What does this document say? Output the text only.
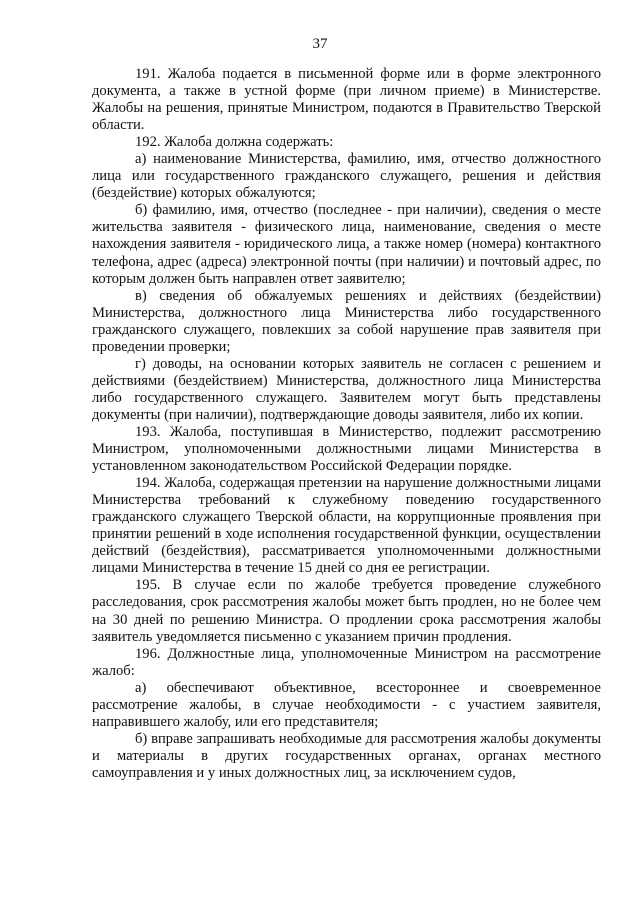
37

191. Жалоба подается в письменной форме или в форме электронного документа, а также в устной форме (при личном приеме) в Министерстве. Жалобы на решения, принятые Министром, подаются в Правительство Тверской области.

192. Жалоба должна содержать:

а) наименование Министерства, фамилию, имя, отчество должностного лица или государственного гражданского служащего, решения и действия (бездействие) которых обжалуются;

б) фамилию, имя, отчество (последнее - при наличии), сведения о месте жительства заявителя - физического лица, наименование, сведения о месте нахождения заявителя - юридического лица, а также номер (номера) контактного телефона, адрес (адреса) электронной почты (при наличии) и почтовый адрес, по которым должен быть направлен ответ заявителю;

в) сведения об обжалуемых решениях и действиях (бездействии) Министерства, должностного лица Министерства либо государственного гражданского служащего, повлекших за собой нарушение прав заявителя при проведении проверки;

г) доводы, на основании которых заявитель не согласен с решением и действиями (бездействием) Министерства, должностного лица Министерства либо государственного служащего. Заявителем могут быть представлены документы (при наличии), подтверждающие доводы заявителя, либо их копии.

193. Жалоба, поступившая в Министерство, подлежит рассмотрению Министром, уполномоченными должностными лицами Министерства в установленном законодательством Российской Федерации порядке.

194. Жалоба, содержащая претензии на нарушение должностными лицами Министерства требований к служебному поведению государственного гражданского служащего Тверской области, на коррупционные проявления при принятии решений в ходе исполнения государственной функции, осуществлении действий (бездействия), рассматривается уполномоченными должностными лицами Министерства в течение 15 дней со дня ее регистрации.

195. В случае если по жалобе требуется проведение служебного расследования, срок рассмотрения жалобы может быть продлен, но не более чем на 30 дней по решению Министра. О продлении срока рассмотрения жалобы заявитель уведомляется письменно с указанием причин продления.

196. Должностные лица, уполномоченные Министром на рассмотрение жалоб:

а) обеспечивают объективное, всестороннее и своевременное рассмотрение жалобы, в случае необходимости - с участием заявителя, направившего жалобу, или его представителя;

б) вправе запрашивать необходимые для рассмотрения жалобы документы и материалы в других государственных органах, органах местного самоуправления и у иных должностных лиц, за исключением судов,
